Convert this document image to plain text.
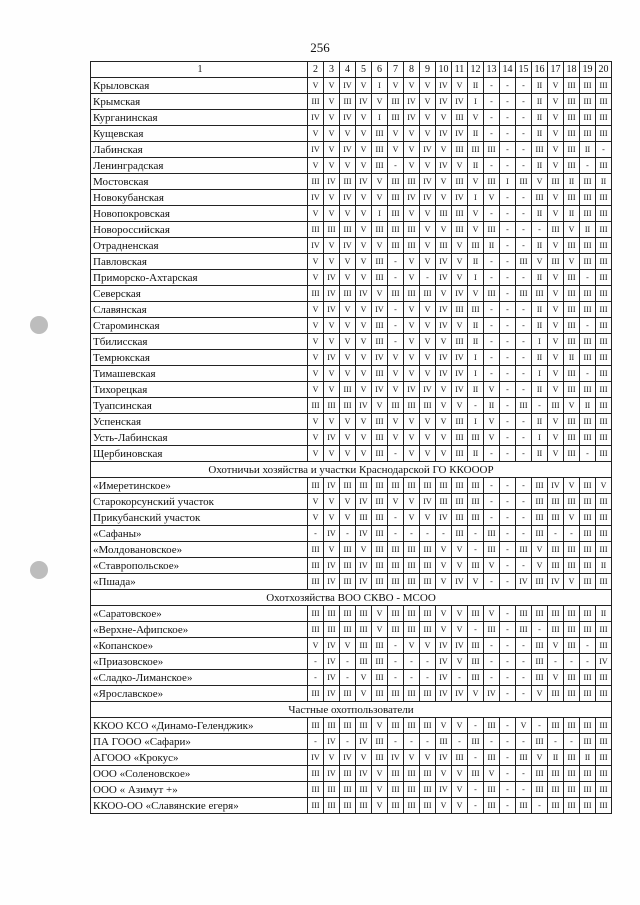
256
1	2	3	4	5	6	7	8	9	10	11	12	13	14	15	16	17	18	19	20
Крыловская	V	V	IV	V	I	V	V	V	IV	V	II	-	-	-	II	V	III	III	III
Крымская	III	V	III	IV	V	III	IV	V	IV	IV	I	-	-	-	II	V	III	III	III
Курганинская	IV	V	IV	V	I	III	IV	V	V	III	V	-	-	-	II	V	III	III	III
Кущевская	V	V	V	V	III	V	V	V	IV	IV	II	-	-	-	II	V	III	III	III
Лабинская	IV	V	IV	V	III	V	V	IV	V	III	III	III	-	-	III	V	III	II	-
Ленинградская	V	V	V	V	III	-	V	V	IV	V	II	-	-	-	II	V	III	-	III
Мостовская	III	IV	III	IV	V	III	III	IV	V	III	V	III	I	III	V	III	II	III	II
Новокубанская	IV	V	IV	V	V	III	IV	IV	V	IV	I	V	-	-	III	V	III	III	III
Новопокровская	V	V	V	V	I	III	V	V	III	III	V	-	-	-	II	V	II	III	III
Новороссийская	III	III	III	V	III	III	III	V	V	III	V	III	-	-	-	III	V	II	III
Отрадненская	IV	V	IV	V	V	III	III	V	III	V	III	II	-	-	II	V	III	III	III
Павловская	V	V	V	V	III	-	V	V	IV	V	II	-	-	III	V	III	V	III	III
Приморско-Ахтарская	V	IV	V	V	III	-	V	-	IV	V	I	-	-	-	II	V	III	-	III
Северская	III	IV	III	IV	V	III	III	III	V	IV	V	III	-	III	III	V	III	III	III
Славянская	V	IV	V	V	IV	-	V	V	IV	III	III	-	-	-	II	V	III	III	III
Староминская	V	V	V	V	III	-	V	V	IV	V	II	-	-	-	II	V	III	-	III
Тбилисская	V	V	V	V	III	-	V	V	V	III	II	-	-	-	I	V	III	III	III
Темрюкская	V	IV	V	V	IV	V	V	V	IV	IV	I	-	-	-	II	V	II	III	III
Тимашевская	V	V	V	V	III	V	V	V	IV	IV	I	-	-	-	I	V	III	-	III
Тихорецкая	V	V	III	V	IV	V	IV	IV	V	IV	II	V	-	-	II	V	III	III	III
Туапсинская	III	III	III	IV	V	III	III	III	V	V	-	II	-	III	-	III	V	II	III
Успенская	V	V	V	V	III	V	V	V	V	III	I	V	-	-	II	V	III	III	III
Усть-Лабинская	V	IV	V	V	III	V	V	V	V	III	III	V	-	-	I	V	III	III	III
Щербиновская	V	V	V	V	III	-	V	V	V	III	II	-	-	-	II	V	III	-	III
Охотничьи хозяйства и участки Краснодарской ГО ККОООР																			
«Имеретинское»	III	IV	III	III	III	III	III	III	III	III	III	-	-	-	III	IV	V	III	V
Старокорсунский участок	V	V	V	IV	III	V	V	IV	III	III	III	-	-	-	III	III	III	III	III
Прикубанский участок	V	V	V	III	III	-	V	V	IV	III	III	-	-	-	III	III	V	III	III
«Сафаны»	-	IV	-	IV	III	-	-	-	-	III	-	III	-	-	III	-	-	III	III
«Молдовановское»	III	V	III	V	III	III	III	III	V	V	-	III	-	III	V	III	III	III	III
«Ставропольское»	III	IV	III	IV	III	III	III	III	V	V	III	V	-	-	V	III	III	III	II
«Пшада»	III	IV	III	IV	III	III	III	III	V	IV	V	-	-	IV	III	IV	V	III	III
Охотхозяйства ВОО СКВО - МСОО																			
«Саратовское»	III	III	III	III	V	III	III	III	V	V	III	V	-	III	III	III	III	III	II
«Верхне-Афипское»	III	III	III	III	V	III	III	III	V	V	-	III	-	III	-	III	III	III	III
«Копанское»	V	IV	V	III	III	-	V	V	IV	IV	III	-	-	-	III	V	III	-	III
«Приазовское»	-	IV	-	III	III	-	-	-	IV	V	III	-	-	-	III	-	-	-	IV
«Сладко-Лиманское»	-	IV	-	V	III	-	-	-	IV	-	III	-	-	-	III	V	III	III	III
«Ярославское»	III	IV	III	V	III	III	III	III	IV	IV	V	IV	-	-	V	III	III	III	III
Частные охотпользователи																			
ККОО КСО «Динамо-Геленджик»	III	III	III	III	V	III	III	III	V	V	-	III	-	V	-	III	III	III	III
ПА ГООО «Сафари»	-	IV	-	IV	III	-	-	-	III	-	III	-	-	-	III	-	-	III	III
АГООО «Крокус»	IV	V	IV	V	III	IV	V	V	IV	III	-	III	-	III	V	II	III	II	III
ООО «Соленовское»	III	IV	III	IV	V	III	III	III	V	V	III	V	-	-	III	III	III	III	III
ООО « Азимут +»	III	III	III	III	V	III	III	III	IV	V	-	III	-	-	III	III	III	III	III
ККОО-ОО «Славянские егеря»	III	III	III	III	V	III	III	III	V	V	-	III	-	III	-	III	III	III	III
